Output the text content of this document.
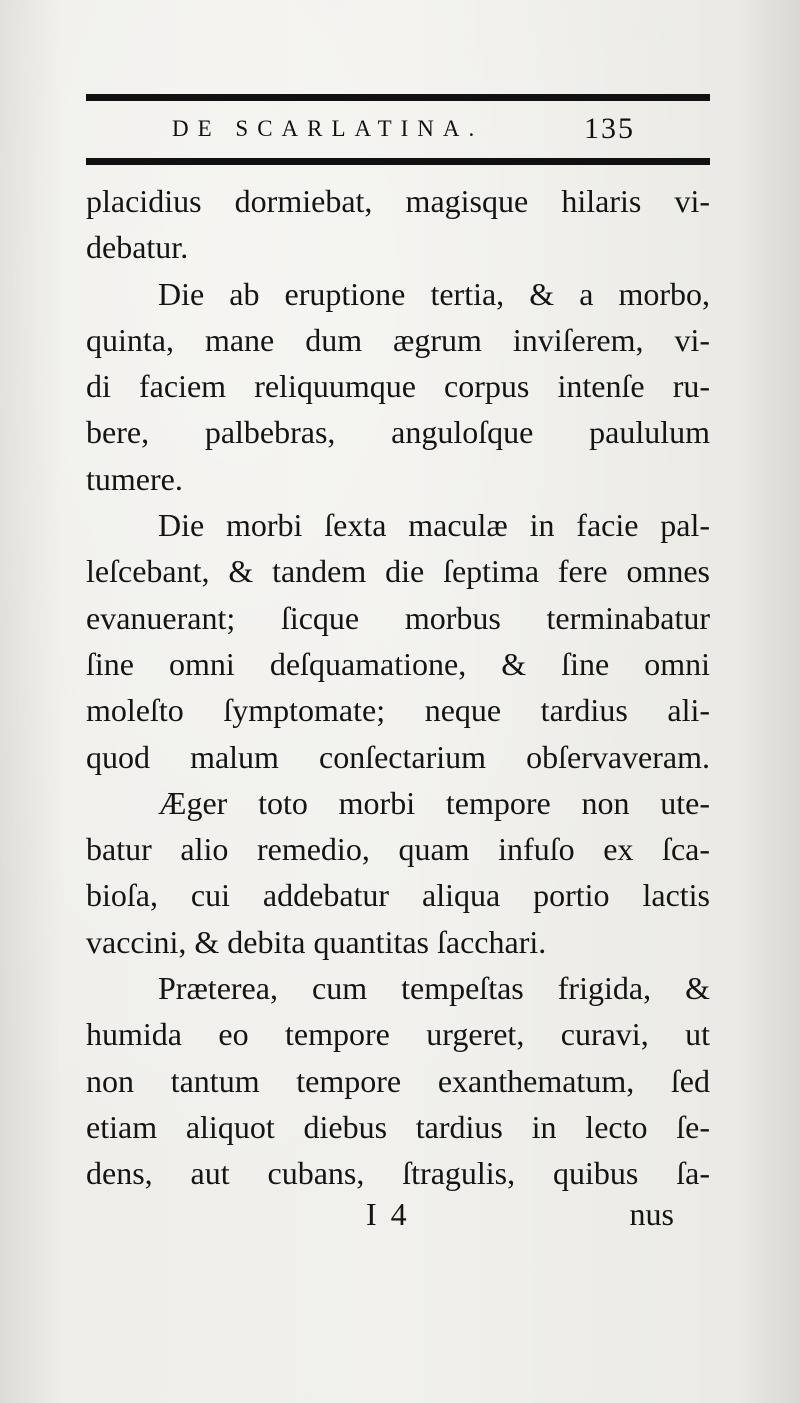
DE SCARLATINA.	135
placidius dormiebat, magisque hilaris vi-
debatur.
Die ab eruptione tertia, & a morbo,
quinta, mane dum ægrum inviſerem, vi-
di faciem reliquumque corpus intenſe ru-
bere, palbebras, anguloſque paululum
tumere.
Die morbi ſexta maculæ in facie pal-
leſcebant, & tandem die ſeptima fere omnes
evanuerant; ſicque morbus terminabatur
ſine omni deſquamatione, & ſine omni
moleſto ſymptomate; neque tardius ali-
quod malum conſectarium obſervaveram.
Æger toto morbi tempore non ute-
batur alio remedio, quam infuſo ex ſca-
bioſa, cui addebatur aliqua portio lactis
vaccini, & debita quantitas ſacchari.
Præterea, cum tempeſtas frigida, &
humida eo tempore urgeret, curavi, ut
non tantum tempore exanthematum, ſed
etiam aliquot diebus tardius in lecto ſe-
dens, aut cubans, ſtragulis, quibus ſa-
I 4	nus
